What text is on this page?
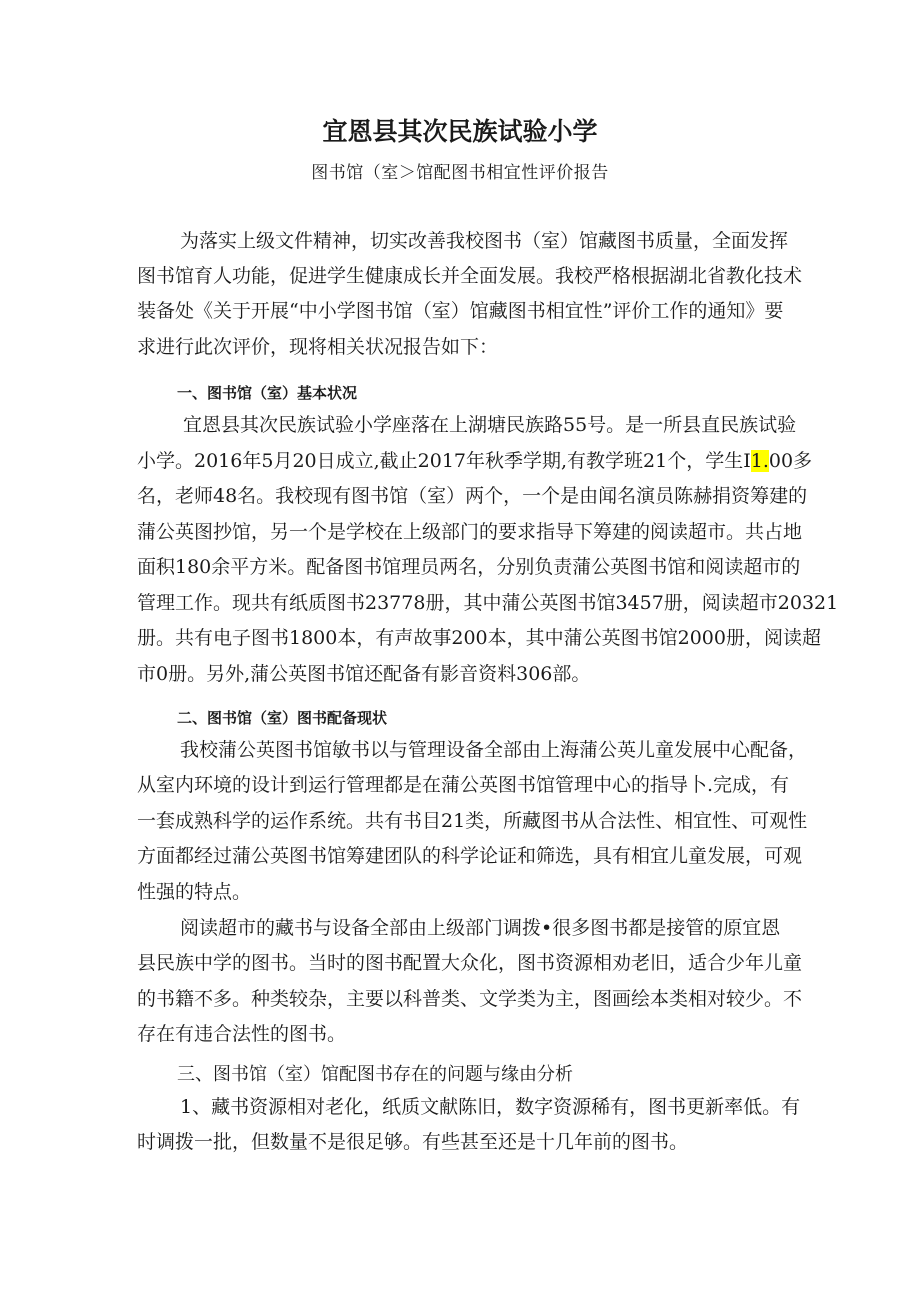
宜恩县其次民族试验小学
图书馆（室＞馆配图书相宜性评价报告
为落实上级文件精神，切实改善我校图书（室）馆藏图书质量，全面发挥
图书馆育人功能，促进学生健康成长并全面发展。我校严格根据湖北省教化技术
装备处《关于开展“中小学图书馆（室）馆藏图书相宜性”评价工作的通知》要
求进行此次评价，现将相关状况报告如下：
一、图书馆（室）基本状况
宜恩县其次民族试验小学座落在上湖塘民族路55号。是一所县直民族试验
小学。2016年5月20日成立,截止2017年秋季学期,有教学班21个，学生I1.00多
名，老师48名。我校现有图书馆（室）两个，一个是由闻名演员陈赫捐资筹建的
蒲公英图抄馆，另一个是学校在上级部门的要求指导下筹建的阅读超市。共占地
面积180余平方米。配备图书馆理员两名，分别负责蒲公英图书馆和阅读超市的
管理工作。现共有纸质图书23778册，其中蒲公英图书馆3457册，阅读超市20321
册。共有电子图书1800本，有声故事200本，其中蒲公英图书馆2000册，阅读超
市0册。另外,蒲公英图书馆还配备有影音资料306部。
二、图书馆（室）图书配备现状
我校蒲公英图书馆敏书以与管理设备全部由上海蒲公英儿童发展中心配备，
从室内环境的设计到运行管理都是在蒲公英图书馆管理中心的指导卜.完成，有
一套成熟科学的运作系统。共有书目21类，所藏图书从合法性、相宜性、可观性
方面都经过蒲公英图书馆筹建团队的科学论证和筛选，具有相宜儿童发展，可观
性强的特点。
阅读超市的藏书与设备全部由上级部门调拨•很多图书都是接管的原宜恩
县民族中学的图书。当时的图书配置大众化，图书资源相劝老旧，适合少年儿童
的书籍不多。种类较杂，主要以科普类、文学类为主，图画绘本类相对较少。不
存在有违合法性的图书。
三、图书馆（室）馆配图书存在的问题与缘由分析
1、藏书资源相对老化，纸质文献陈旧，数字资源稀有，图书更新率低。有
时调拨一批，但数量不是很足够。有些甚至还是十几年前的图书。
